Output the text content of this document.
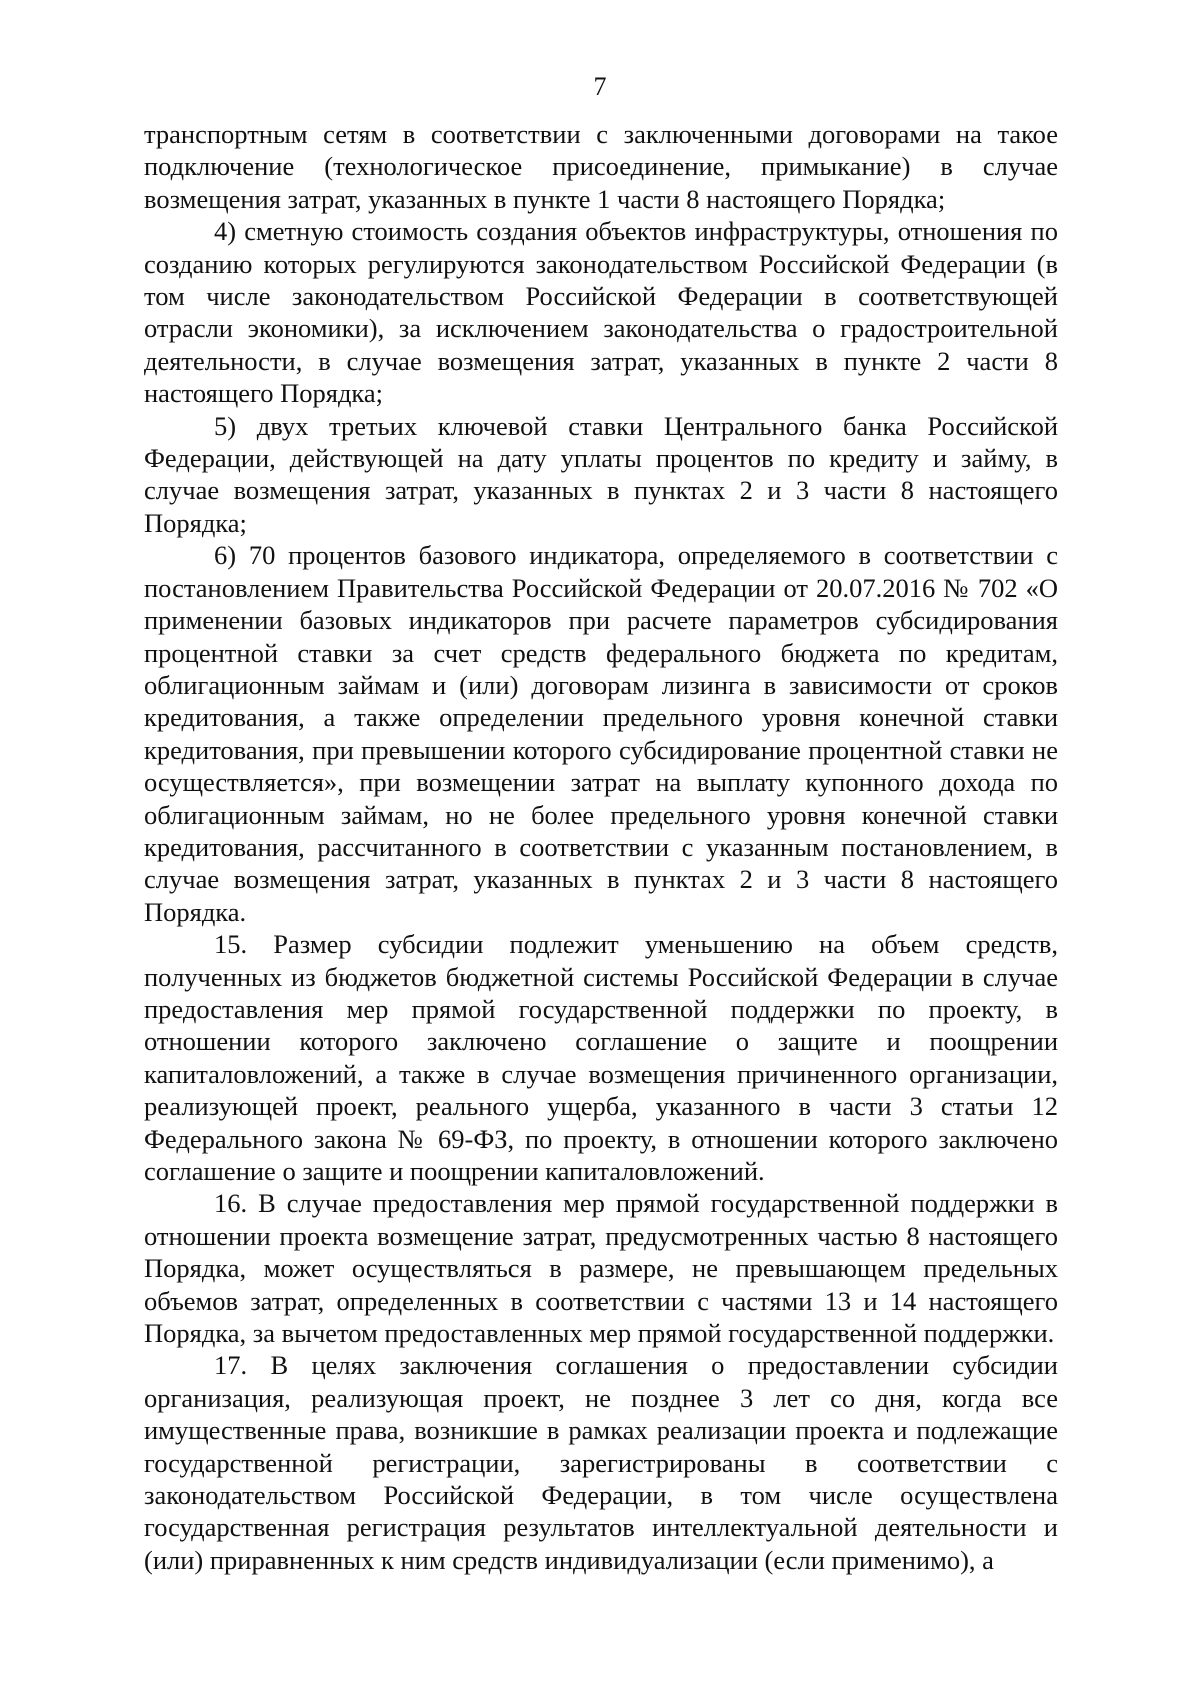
7

транспортным сетям в соответствии с заключенными договорами на такое подключение (технологическое присоединение, примыкание) в случае возмещения затрат, указанных в пункте 1 части 8 настоящего Порядка;

4) сметную стоимость создания объектов инфраструктуры, отношения по созданию которых регулируются законодательством Российской Федерации (в том числе законодательством Российской Федерации в соответствующей отрасли экономики), за исключением законодательства о градостроительной деятельности, в случае возмещения затрат, указанных в пункте 2 части 8 настоящего Порядка;

5) двух третьих ключевой ставки Центрального банка Российской Федерации, действующей на дату уплаты процентов по кредиту и займу, в случае возмещения затрат, указанных в пунктах 2 и 3 части 8 настоящего Порядка;

6) 70 процентов базового индикатора, определяемого в соответствии с постановлением Правительства Российской Федерации от 20.07.2016 № 702 «О применении базовых индикаторов при расчете параметров субсидирования процентной ставки за счет средств федерального бюджета по кредитам, облигационным займам и (или) договорам лизинга в зависимости от сроков кредитования, а также определении предельного уровня конечной ставки кредитования, при превышении которого субсидирование процентной ставки не осуществляется», при возмещении затрат на выплату купонного дохода по облигационным займам, но не более предельного уровня конечной ставки кредитования, рассчитанного в соответствии с указанным постановлением, в случае возмещения затрат, указанных в пунктах 2 и 3 части 8 настоящего Порядка.

15. Размер субсидии подлежит уменьшению на объем средств, полученных из бюджетов бюджетной системы Российской Федерации в случае предоставления мер прямой государственной поддержки по проекту, в отношении которого заключено соглашение о защите и поощрении капиталовложений, а также в случае возмещения причиненного организации, реализующей проект, реального ущерба, указанного в части 3 статьи 12 Федерального закона № 69-ФЗ, по проекту, в отношении которого заключено соглашение о защите и поощрении капиталовложений.

16. В случае предоставления мер прямой государственной поддержки в отношении проекта возмещение затрат, предусмотренных частью 8 настоящего Порядка, может осуществляться в размере, не превышающем предельных объемов затрат, определенных в соответствии с частями 13 и 14 настоящего Порядка, за вычетом предоставленных мер прямой государственной поддержки.

17. В целях заключения соглашения о предоставлении субсидии организация, реализующая проект, не позднее 3 лет со дня, когда все имущественные права, возникшие в рамках реализации проекта и подлежащие государственной регистрации, зарегистрированы в соответствии с законодательством Российской Федерации, в том числе осуществлена государственная регистрация результатов интеллектуальной деятельности и (или) приравненных к ним средств индивидуализации (если применимо), а
